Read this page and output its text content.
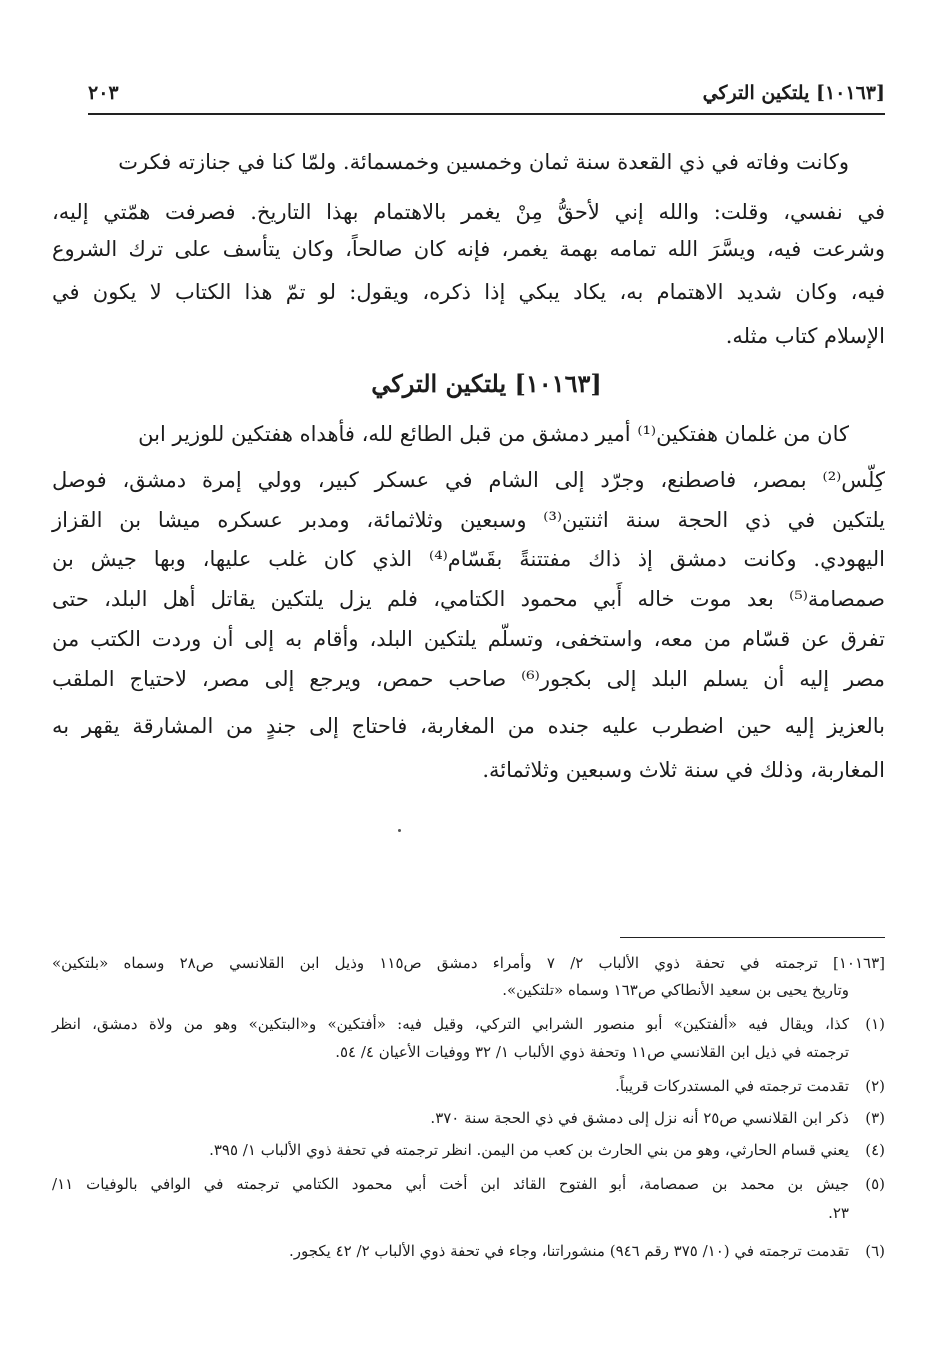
[١٠١٦٣] يلتكين التركي
٢٠٣
وكانت وفاته في ذي القعدة سنة ثمان وخمسين وخمسمائة. ولمّا كنا في جنازته فكرت
في نفسي، وقلت: والله إني لأحقُّ مِنْ يغمر بالاهتمام بهذا التاريخ. فصرفت همّتي إليه،
وشرعت فيه، ويسَّرَ الله تمامه بهمة يغمر، فإنه كان صالحاً، وكان يتأسف على ترك الشروع
فيه، وكان شديد الاهتمام به، يكاد يبكي إذا ذكره، ويقول: لو تمّ هذا الكتاب لا يكون في
الإسلام كتاب مثله.
[١٠١٦٣] يلتكين التركي
كان من غلمان هفتكين⁽¹⁾ أمير دمشق من قبل الطائع لله، فأهداه هفتكين للوزير ابن
كِلّس⁽²⁾ بمصر، فاصطنع، وجرّد إلى الشام في عسكر كبير، وولي إمرة دمشق، فوصل
يلتكين في ذي الحجة سنة اثنتين⁽³⁾ وسبعين وثلاثمائة، ومدبر عسكره ميشا بن القزاز
اليهودي. وكانت دمشق إذ ذاك مفتتنةً بقَسّام⁽⁴⁾ الذي كان غلب عليها، وبها جيش بن
صمصامة⁽⁵⁾ بعد موت خاله أَبي محمود الكتامي، فلم يزل يلتكين يقاتل أهل البلد، حتى
تفرق عن قسّام من معه، واستخفى، وتسلّم يلتكين البلد، وأقام به إلى أن وردت الكتب من
مصر إليه أن يسلم البلد إلى بكجور⁽⁶⁾ صاحب حمص، ويرجع إلى مصر، لاحتياج الملقب
بالعزيز إليه حين اضطرب عليه جنده من المغاربة، فاحتاج إلى جندٍ من المشارقة يقهر به
المغاربة، وذلك في سنة ثلاث وسبعين وثلاثمائة.
[١٠١٦٣] ترجمته في تحفة ذوي الألباب ٢/ ٧ وأمراء دمشق ص١١٥ وذيل ابن القلانسي ص٢٨ وسماه «بلتكين»
وتاريخ يحيى بن سعيد الأنطاكي ص١٦٣ وسماه «تلتكين».
(١)
كذا، ويقال فيه «ألفتكين» أبو منصور الشرابي التركي، وقيل فيه: «أفتكين» و«البتكين» وهو من ولاة دمشق، انظر
ترجمته في ذيل ابن القلانسي ص١١ وتحفة ذوي الألباب ١/ ٣٢ ووفيات الأعيان ٤/ ٥٤.
(٢)
تقدمت ترجمته في المستدركات قريباً.
(٣)
ذكر ابن القلانسي ص٢٥ أنه نزل إلى دمشق في ذي الحجة سنة ٣٧٠.
(٤)
يعني قسام الحارثي، وهو من بني الحارث بن كعب من اليمن. انظر ترجمته في تحفة ذوي الألباب ١/ ٣٩٥.
(٥)
جيش بن محمد بن صمصامة، أبو الفتوح القائد ابن أخت أبي محمود الكتامي ترجمته في الوافي بالوفيات ١١/
٢٣.
(٦)
تقدمت ترجمته في (١٠/ ٣٧٥ رقم ٩٤٦) منشوراتنا، وجاء في تحفة ذوي الألباب ٢/ ٤٢ يكجور.
